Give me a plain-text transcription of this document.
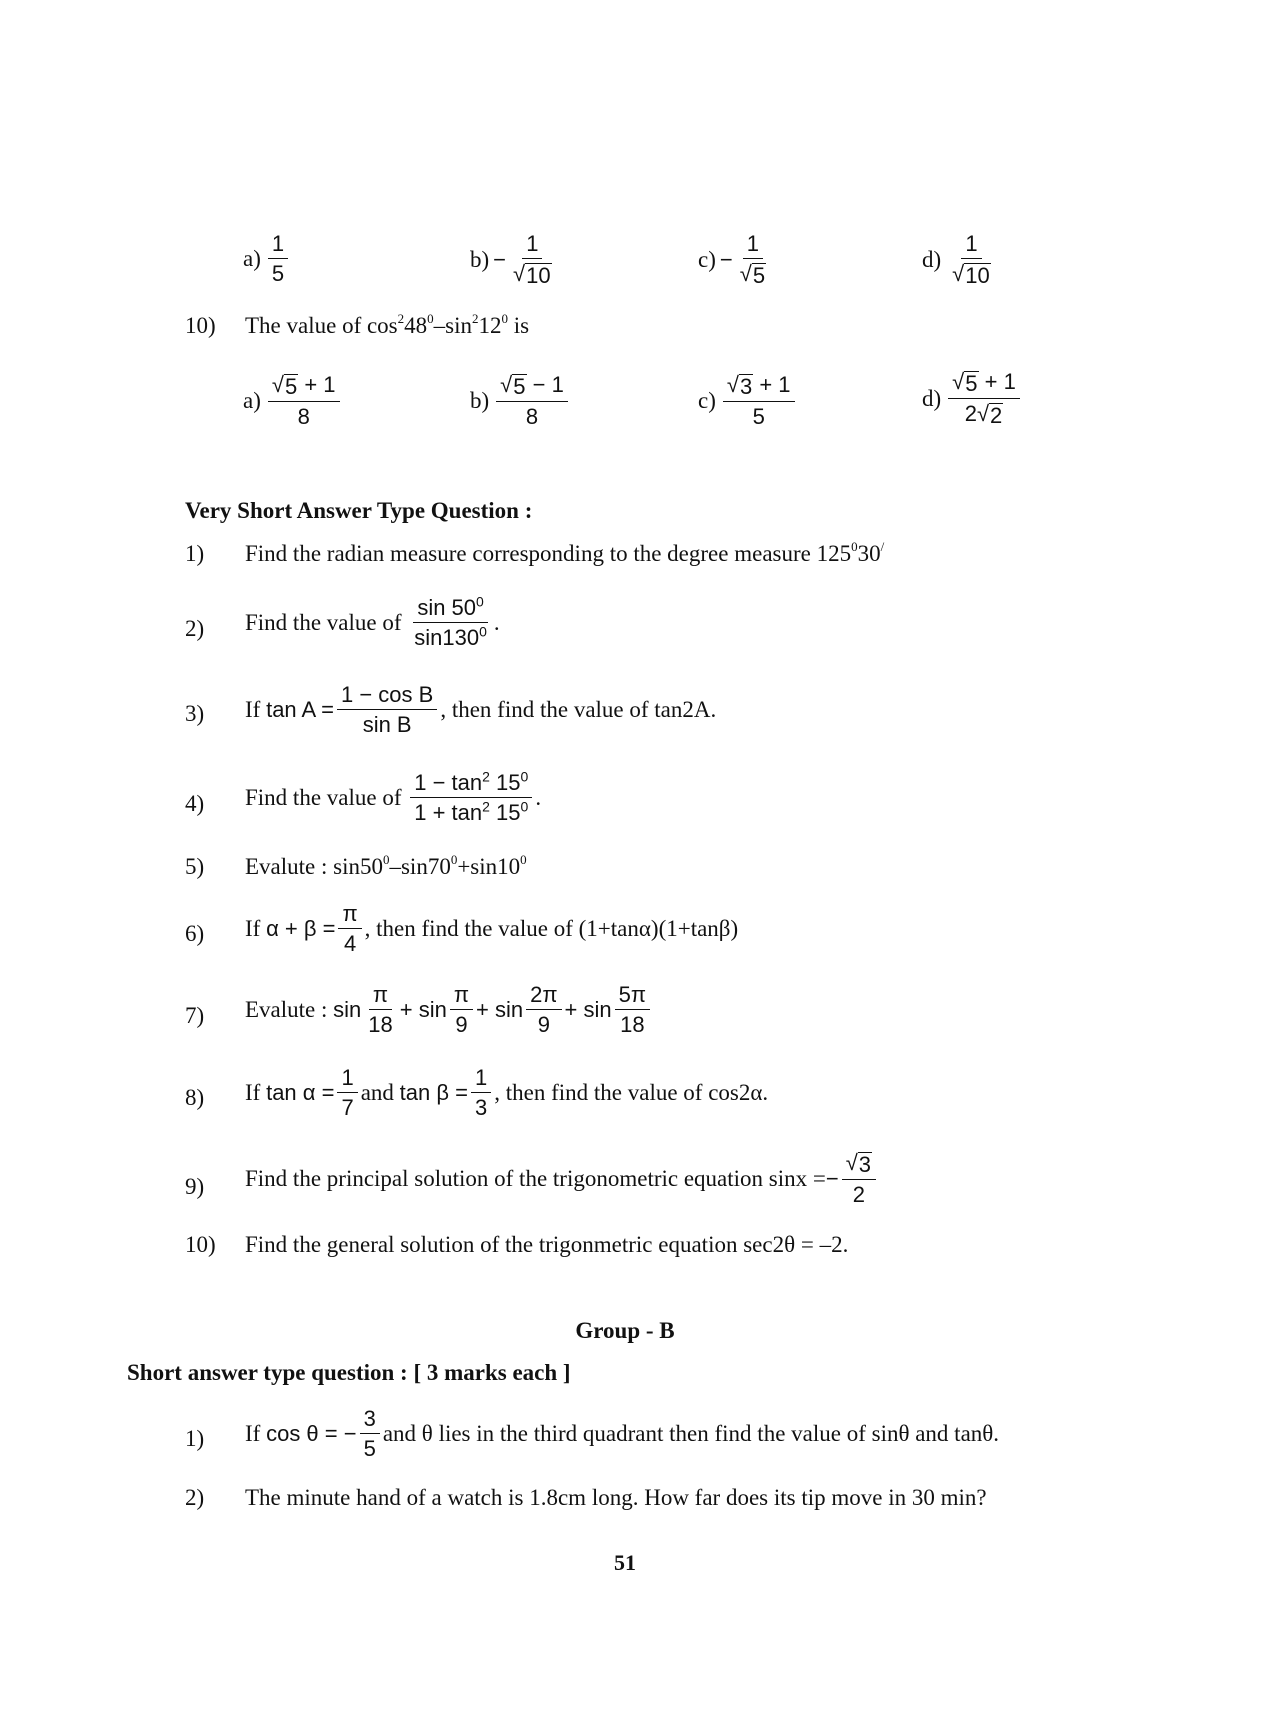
$a) \frac{1}{5}$	$b) - \frac{1}{√ 10}$	$c) - \frac{1}{√ 5}$	$d) \frac{1}{√ 10}$
10) The value of $\cos^248^0-\sin^212^0$ is
$a) \frac{√ 5 + 1}{8}$	$b) \frac{√ 5 - 1}{8}$	$c) \frac{√ 3 + 1}{5}$	$d) \frac{√ 5 + 1}{2 √ 2}$
Very Short Answer Type Question :
1) Find the radian measure corresponding to the degree measure $125^030^/$
2) Find the value of
$\frac{\sin 50^0}{\sin 130^0}$ .
3) If
$\tan A = \frac{\text{1 − cos B}}{\text{sin B}}$ , then find the value of tan2A.
4) Find the value of
$\frac{1 - \tan^2 15^0}{1 + \tan^2 15^0}$ .
5) Evalute : $\sin 50^0-\sin 70^0+\sin 10^0$
6) If
$\alpha + \beta = \frac{\pi}{4}$ , then find the value of (1+tanα)(1+tanβ)
7) Evalute :
$\sin \frac{\pi}{18} + \sin \frac{\pi}{9} + \sin \frac{2\pi}{9} + \sin \frac{5\pi}{18}$
8) If
$\tan \alpha = \frac{1}{7}$ and
$\tan \beta = \frac{1}{3}$ , then find the value of cos2α.
9) Find the principal solution of the trigonometric equation sinx = − $\frac{√ 3}{2}$
10) Find the general solution of the trigonmetric equation sec2θ = –2.
Group - B
Short answer type question : [ 3 marks each ]
1) If
cos θ = − $\frac{3}{5}$ and θ lies in the third quadrant then find the value of sinθ and tanθ.
2) The minute hand of a watch is 1.8cm long. How far does its tip move in 30 min?
51
